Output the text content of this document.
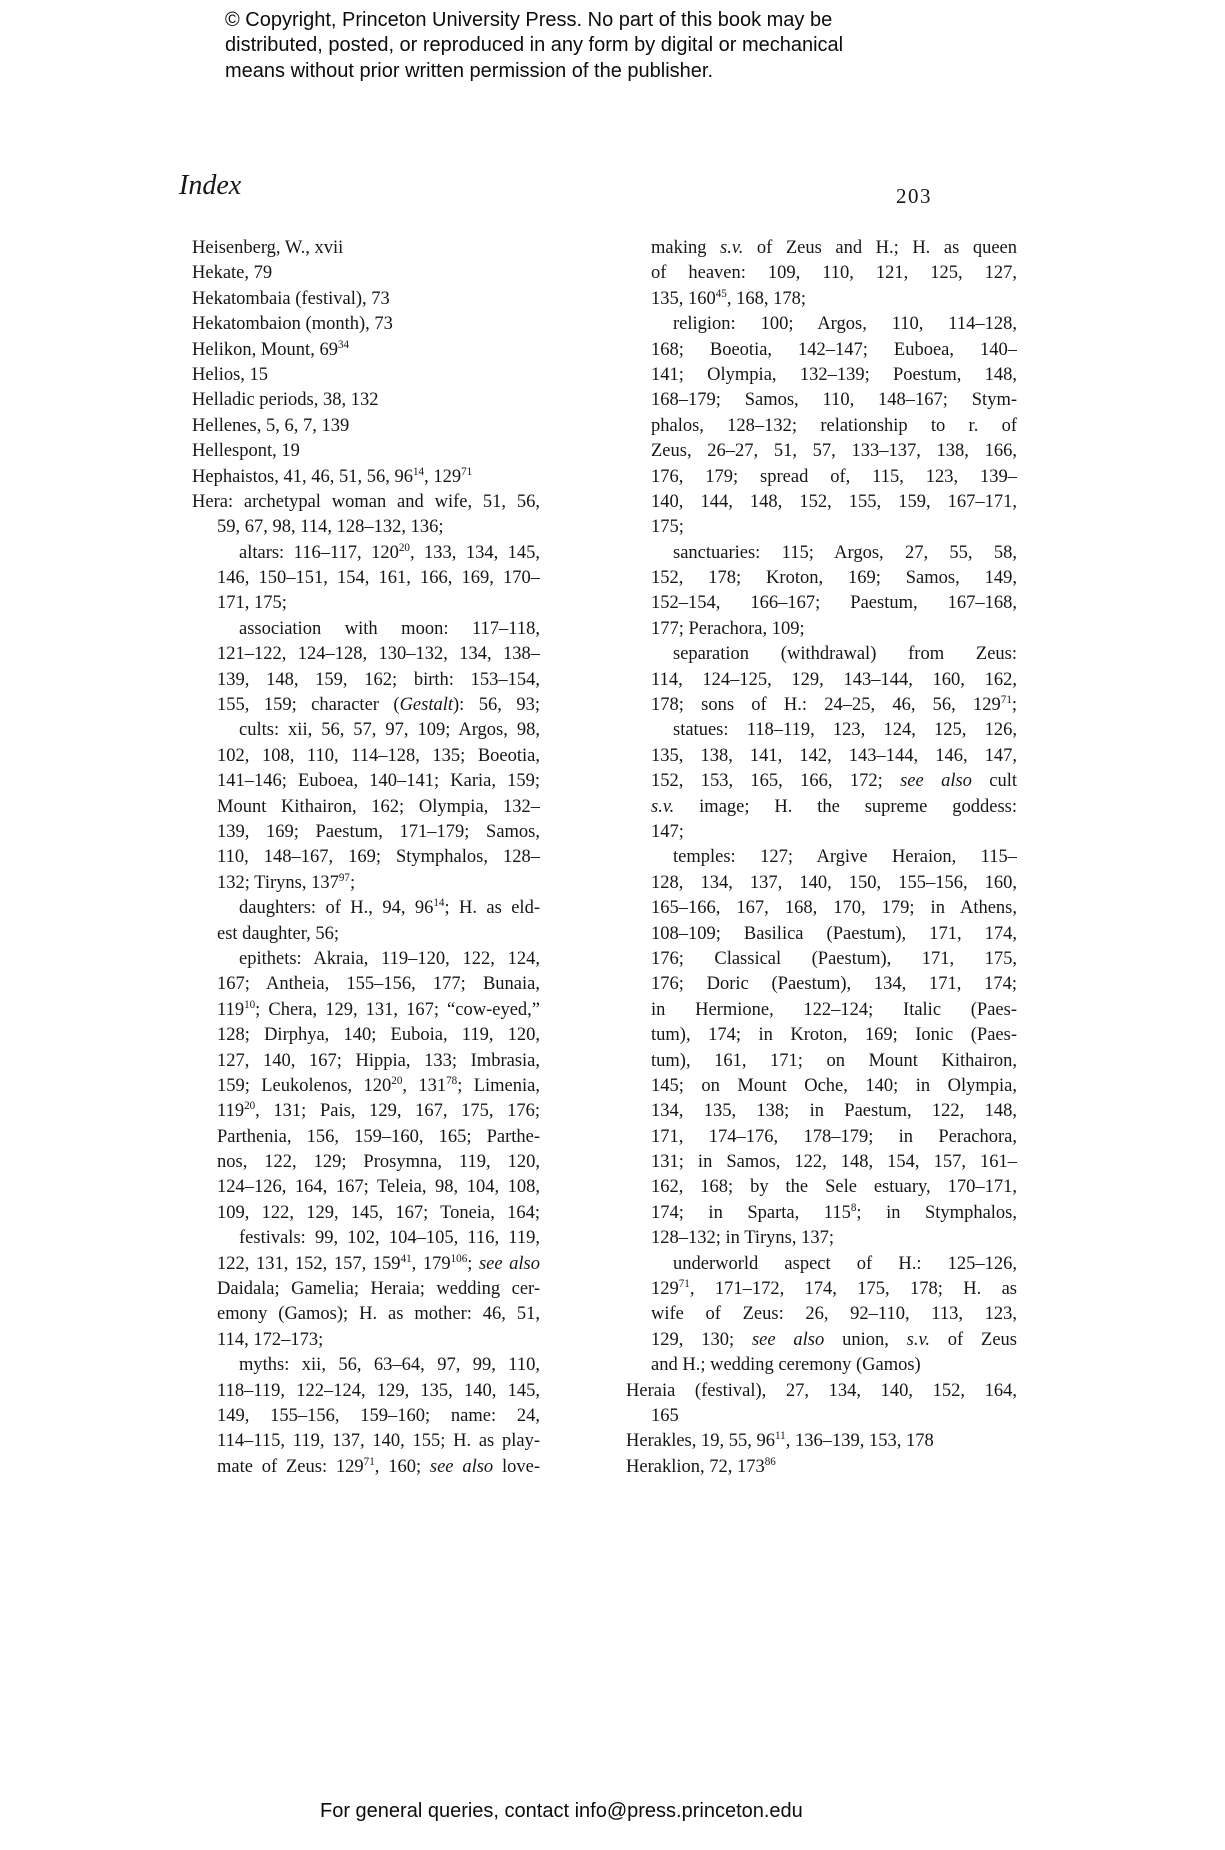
© Copyright, Princeton University Press. No part of this book may be
distributed, posted, or reproduced in any form by digital or mechanical
means without prior written permission of the publisher.
Index	203
Heisenberg, W., xvii
Hekate, 79
Hekatombaia (festival), 73
Hekatombaion (month), 73
Helikon, Mount, $69^{34}$
Helios, 15
Helladic periods, 38, 132
Hellenes, 5, 6, 7, 139
Hellespont, 19
Hephaistos, 41, 46, 51, 56, $96^{14}$, $129^{71}$
Hera: archetypal woman and wife, 51, 56,
59, 67, 98, 114, 128–132, 136;
altars: 116–117, $120^{20}$, 133, 134, 145,
146, 150–151, 154, 161, 166, 169, 170–
171, 175;
association with moon: 117–118,
121–122, 124–128, 130–132, 134, 138–
139, 148, 159, 162; birth: 153–154,
155, 159; character (Gestalt): 56, 93;
cults: xii, 56, 57, 97, 109; Argos, 98,
102, 108, 110, 114–128, 135; Boeotia,
141–146; Euboea, 140–141; Karia, 159;
Mount Kithairon, 162; Olympia, 132–
139, 169; Paestum, 171–179; Samos,
110, 148–167, 169; Stymphalos, 128–
132; Tiryns, $137^{97}$;
daughters: of H., 94, $96^{14}$; H. as eld-
est daughter, 56;
epithets: Akraia, 119–120, 122, 124,
167; Antheia, 155–156, 177; Bunaia,
$119^{10}$; Chera, 129, 131, 167; “cow-eyed,”
128; Dirphya, 140; Euboia, 119, 120,
127, 140, 167; Hippia, 133; Imbrasia,
159; Leukolenos, $120^{20}$, $131^{78}$; Limenia,
$119^{20}$, 131; Pais, 129, 167, 175, 176;
Parthenia, 156, 159–160, 165; Parthe-
nos, 122, 129; Prosymna, 119, 120,
124–126, 164, 167; Teleia, 98, 104, 108,
109, 122, 129, 145, 167; Toneia, 164;
festivals: 99, 102, 104–105, 116, 119,
122, 131, 152, 157, $159^{41}$, $179^{106}$; see also
Daidala; Gamelia; Heraia; wedding cer-
emony (Gamos); H. as mother: 46, 51,
114, 172–173;
myths: xii, 56, 63–64, 97, 99, 110,
118–119, 122–124, 129, 135, 140, 145,
149, 155–156, 159–160; name: 24,
114–115, 119, 137, 140, 155; H. as play-
mate of Zeus: $129^{71}$, 160; see also love-
making s.v. of Zeus and H.; H. as queen
of heaven: 109, 110, 121, 125, 127,
135, $160^{45}$, 168, 178;
religion: 100; Argos, 110, 114–128,
168; Boeotia, 142–147; Euboea, 140–
141; Olympia, 132–139; Poestum, 148,
168–179; Samos, 110, 148–167; Stym-
phalos, 128–132; relationship to r. of
Zeus, 26–27, 51, 57, 133–137, 138, 166,
176, 179; spread of, 115, 123, 139–
140, 144, 148, 152, 155, 159, 167–171,
175;
sanctuaries: 115; Argos, 27, 55, 58,
152, 178; Kroton, 169; Samos, 149,
152–154, 166–167; Paestum, 167–168,
177; Perachora, 109;
separation (withdrawal) from Zeus:
114, 124–125, 129, 143–144, 160, 162,
178; sons of H.: 24–25, 46, 56, $129^{71}$;
statues: 118–119, 123, 124, 125, 126,
135, 138, 141, 142, 143–144, 146, 147,
152, 153, 165, 166, 172; see also cult
s.v. image; H. the supreme goddess:
147;
temples: 127; Argive Heraion, 115–
128, 134, 137, 140, 150, 155–156, 160,
165–166, 167, 168, 170, 179; in Athens,
108–109; Basilica (Paestum), 171, 174,
176; Classical (Paestum), 171, 175,
176; Doric (Paestum), 134, 171, 174;
in Hermione, 122–124; Italic (Paes-
tum), 174; in Kroton, 169; Ionic (Paes-
tum), 161, 171; on Mount Kithairon,
145; on Mount Oche, 140; in Olympia,
134, 135, 138; in Paestum, 122, 148,
171, 174–176, 178–179; in Perachora,
131; in Samos, 122, 148, 154, 157, 161–
162, 168; by the Sele estuary, 170–171,
174; in Sparta, $115^8$; in Stymphalos,
128–132; in Tiryns, 137;
underworld aspect of H.: 125–126,
$129^{71}$, 171–172, 174, 175, 178; H. as
wife of Zeus: 26, 92–110, 113, 123,
129, 130; see also union, s.v. of Zeus
and H.; wedding ceremony (Gamos)
Heraia (festival), 27, 134, 140, 152, 164,
165
Herakles, 19, 55, $96^{11}$, 136–139, 153, 178
Heraklion, 72, $173^{86}$
For general queries, contact info@press.princeton.edu
